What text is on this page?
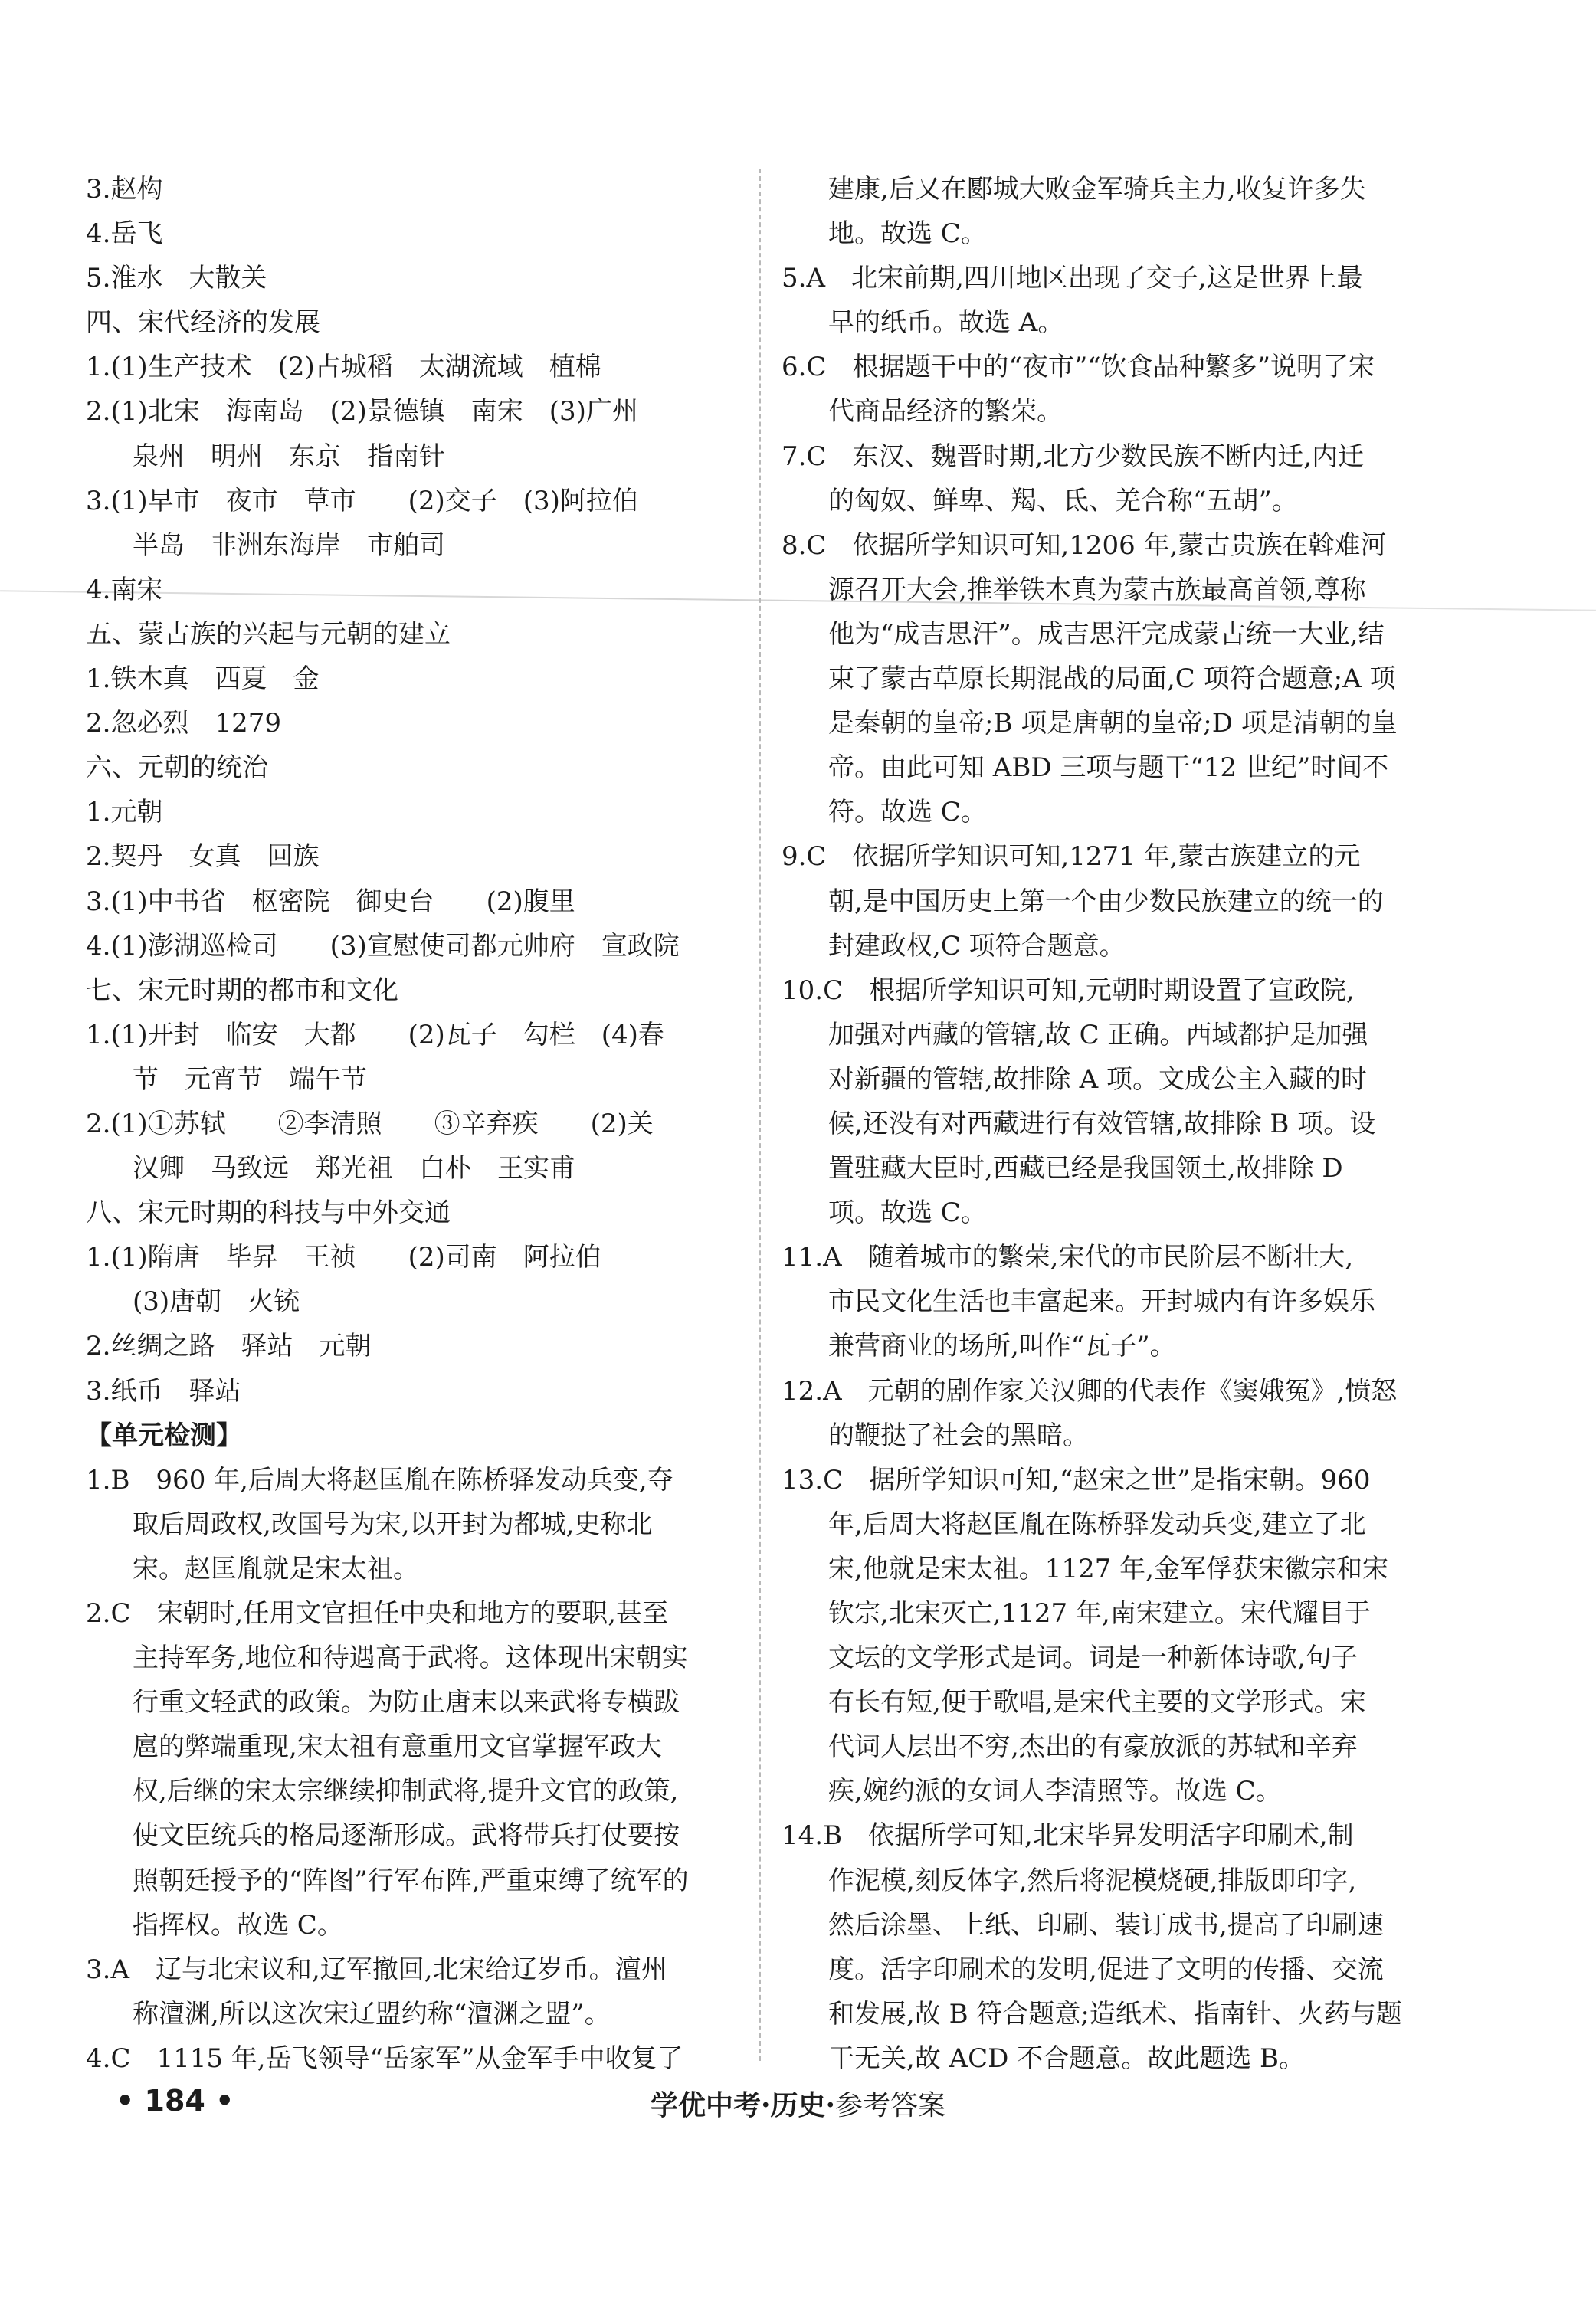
3.赵构

4.岳飞

5.淮水　大散关

四、宋代经济的发展

1.(1)生产技术　(2)占城稻　太湖流域　植棉

2.(1)北宋　海南岛　(2)景德镇　南宋　(3)广州

泉州　明州　东京　指南针

3.(1)早市　夜市　草市　　(2)交子　(3)阿拉伯

半岛　非洲东海岸　市舶司

4.南宋

五、蒙古族的兴起与元朝的建立

1.铁木真　西夏　金

2.忽必烈　1279

六、元朝的统治

1.元朝

2.契丹　女真　回族

3.(1)中书省　枢密院　御史台　　(2)腹里

4.(1)澎湖巡检司　　(3)宣慰使司都元帅府　宣政院

七、宋元时期的都市和文化

1.(1)开封　临安　大都　　(2)瓦子　勾栏　(4)春

节　元宵节　端午节

2.(1)①苏轼　　②李清照　　③辛弃疾　　(2)关

汉卿　马致远　郑光祖　白朴　王实甫

八、宋元时期的科技与中外交通

1.(1)隋唐　毕昇　王祯　　(2)司南　阿拉伯

(3)唐朝　火铳

2.丝绸之路　驿站　元朝

3.纸币　驿站

【单元检测】

1.B　960 年,后周大将赵匡胤在陈桥驿发动兵变,夺

取后周政权,改国号为宋,以开封为都城,史称北

宋。赵匡胤就是宋太祖。

2.C　宋朝时,任用文官担任中央和地方的要职,甚至

主持军务,地位和待遇高于武将。这体现出宋朝实

行重文轻武的政策。为防止唐末以来武将专横跋

扈的弊端重现,宋太祖有意重用文官掌握军政大

权,后继的宋太宗继续抑制武将,提升文官的政策,

使文臣统兵的格局逐渐形成。武将带兵打仗要按

照朝廷授予的“阵图”行军布阵,严重束缚了统军的

指挥权。故选 C。

3.A　辽与北宋议和,辽军撤回,北宋给辽岁币。澶州

称澶渊,所以这次宋辽盟约称“澶渊之盟”。

4.C　1115 年,岳飞领导“岳家军”从金军手中收复了

建康,后又在郾城大败金军骑兵主力,收复许多失

地。故选 C。

5.A　北宋前期,四川地区出现了交子,这是世界上最

早的纸币。故选 A。

6.C　根据题干中的“夜市”“饮食品种繁多”说明了宋

代商品经济的繁荣。

7.C　东汉、魏晋时期,北方少数民族不断内迁,内迁

的匈奴、鲜卑、羯、氐、羌合称“五胡”。

8.C　依据所学知识可知,1206 年,蒙古贵族在斡难河

源召开大会,推举铁木真为蒙古族最高首领,尊称

他为“成吉思汗”。成吉思汗完成蒙古统一大业,结

束了蒙古草原长期混战的局面,C 项符合题意;A 项

是秦朝的皇帝;B 项是唐朝的皇帝;D 项是清朝的皇

帝。由此可知 ABD 三项与题干“12 世纪”时间不

符。故选 C。

9.C　依据所学知识可知,1271 年,蒙古族建立的元

朝,是中国历史上第一个由少数民族建立的统一的

封建政权,C 项符合题意。

10.C　根据所学知识可知,元朝时期设置了宣政院,

加强对西藏的管辖,故 C 正确。西域都护是加强

对新疆的管辖,故排除 A 项。文成公主入藏的时

候,还没有对西藏进行有效管辖,故排除 B 项。设

置驻藏大臣时,西藏已经是我国领土,故排除 D

项。故选 C。

11.A　随着城市的繁荣,宋代的市民阶层不断壮大,

市民文化生活也丰富起来。开封城内有许多娱乐

兼营商业的场所,叫作“瓦子”。

12.A　元朝的剧作家关汉卿的代表作《窦娥冤》,愤怒

的鞭挞了社会的黑暗。

13.C　据所学知识可知,“赵宋之世”是指宋朝。960

年,后周大将赵匡胤在陈桥驿发动兵变,建立了北

宋,他就是宋太祖。1127 年,金军俘获宋徽宗和宋

钦宗,北宋灭亡,1127 年,南宋建立。宋代耀目于

文坛的文学形式是词。词是一种新体诗歌,句子

有长有短,便于歌唱,是宋代主要的文学形式。宋

代词人层出不穷,杰出的有豪放派的苏轼和辛弃

疾,婉约派的女词人李清照等。故选 C。

14.B　依据所学可知,北宋毕昇发明活字印刷术,制

作泥模,刻反体字,然后将泥模烧硬,排版即印字,

然后涂墨、上纸、印刷、装订成书,提高了印刷速

度。活字印刷术的发明,促进了文明的传播、交流

和发展,故 B 符合题意;造纸术、指南针、火药与题

干无关,故 ACD 不合题意。故此题选 B。

• 184 •	学优中考·历史·参考答案
